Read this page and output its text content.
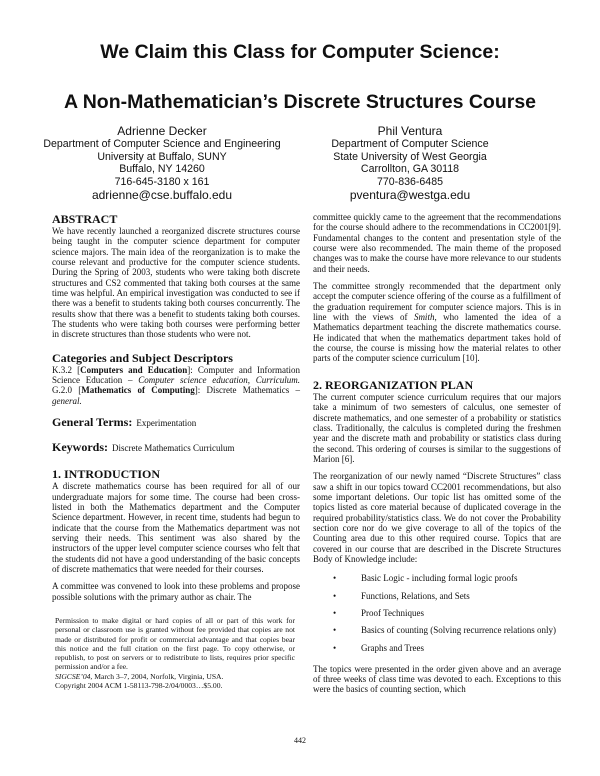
We Claim this Class for Computer Science:
A Non-Mathematician’s Discrete Structures Course
Adrienne Decker
Department of Computer Science and Engineering
University at Buffalo, SUNY
Buffalo, NY 14260
716-645-3180 x 161
adrienne@cse.buffalo.edu
Phil Ventura
Department of Computer Science
State University of West Georgia
Carrollton, GA 30118
770-836-6485
pventura@westga.edu
ABSTRACT
We have recently launched a reorganized discrete structures course being taught in the computer science department for computer science majors. The main idea of the reorganization is to make the course relevant and productive for the computer science students. During the Spring of 2003, students who were taking both discrete structures and CS2 commented that taking both courses at the same time was helpful. An empirical investigation was conducted to see if there was a benefit to students taking both courses concurrently. The results show that there was a benefit to students taking both courses. The students who were taking both courses were performing better in discrete structures than those students who were not.
Categories and Subject Descriptors
K.3.2 [Computers and Education]: Computer and Information Science Education – Computer science education, Curriculum. G.2.0 [Mathematics of Computing]: Discrete Mathematics – general.
General Terms: Experimentation
Keywords: Discrete Mathematics Curriculum
1. INTRODUCTION
A discrete mathematics course has been required for all of our undergraduate majors for some time. The course had been cross-listed in both the Mathematics department and the Computer Science department. However, in recent time, students had begun to indicate that the course from the Mathematics department was not serving their needs. This sentiment was also shared by the instructors of the upper level computer science courses who felt that the students did not have a good understanding of the basic concepts of discrete mathematics that were needed for their courses.
A committee was convened to look into these problems and propose possible solutions with the primary author as chair. The
Permission to make digital or hard copies of all or part of this work for personal or classroom use is granted without fee provided that copies are not made or distributed for profit or commercial advantage and that copies bear this notice and the full citation on the first page. To copy otherwise, or republish, to post on servers or to redistribute to lists, requires prior specific permission and/or a fee.
SIGCSE’04, March 3–7, 2004, Norfolk, Virginia, USA.
Copyright 2004 ACM 1-58113-798-2/04/0003…$5.00.
committee quickly came to the agreement that the recommendations for the course should adhere to the recommendations in CC2001[9]. Fundamental changes to the content and presentation style of the course were also recommended. The main theme of the proposed changes was to make the course have more relevance to our students and their needs.
The committee strongly recommended that the department only accept the computer science offering of the course as a fulfillment of the graduation requirement for computer science majors. This is in line with the views of Smith, who lamented the idea of a Mathematics department teaching the discrete mathematics course. He indicated that when the mathematics department takes hold of the course, the course is missing how the material relates to other parts of the computer science curriculum [10].
2. REORGANIZATION PLAN
The current computer science curriculum requires that our majors take a minimum of two semesters of calculus, one semester of discrete mathematics, and one semester of a probability or statistics class. Traditionally, the calculus is completed during the freshmen year and the discrete math and probability or statistics class during the second. This ordering of courses is similar to the suggestions of Marion [6].
The reorganization of our newly named “Discrete Structures” class saw a shift in our topics toward CC2001 recommendations, but also some important deletions. Our topic list has omitted some of the topics listed as core material because of duplicated coverage in the required probability/statistics class. We do not cover the Probability section core nor do we give coverage to all of the topics of the Counting area due to this other required course. Topics that are covered in our course that are described in the Discrete Structures Body of Knowledge include:
•	Basic Logic - including formal logic proofs
•	Functions, Relations, and Sets
•	Proof Techniques
•	Basics of counting (Solving recurrence relations only)
•	Graphs and Trees
The topics were presented in the order given above and an average of three weeks of class time was devoted to each. Exceptions to this were the basics of counting section, which
442
